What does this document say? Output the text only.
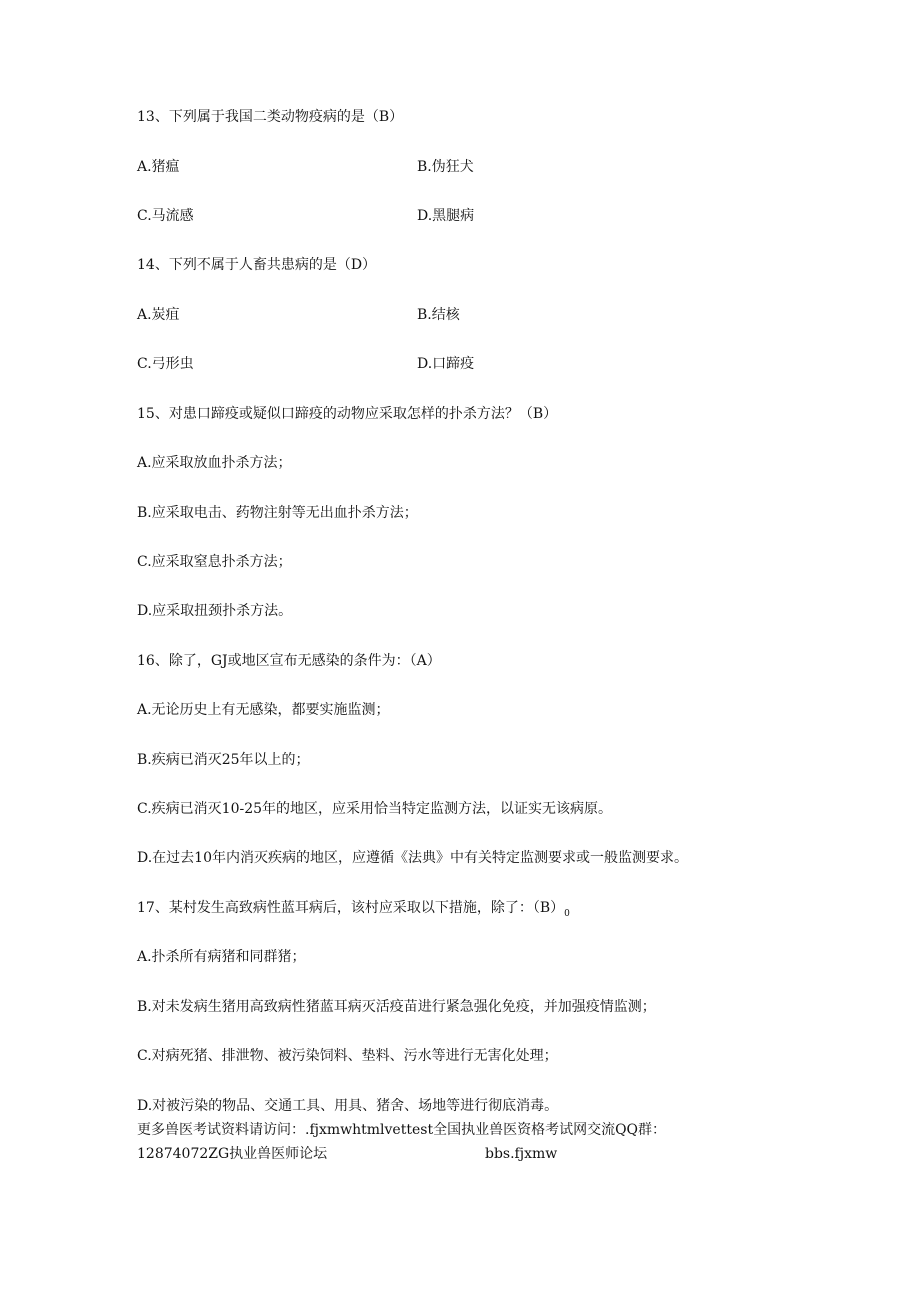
13、下列属于我国二类动物疫病的是（B）
A.猪瘟	B.伪狂犬
C.马流感	D.黑腿病
14、下列不属于人畜共患病的是（D）
A.炭疽	B.结核
C.弓形虫	D.口蹄疫
15、对患口蹄疫或疑似口蹄疫的动物应采取怎样的扑杀方法？（B）
A.应采取放血扑杀方法；
B.应采取电击、药物注射等无出血扑杀方法；
C.应采取窒息扑杀方法；
D.应采取扭颈扑杀方法。
16、除了，GJ或地区宣布无感染的条件为：（A）
A.无论历史上有无感染，都要实施监测；
B.疾病已消灭25年以上的；
C.疾病已消灭10-25年的地区，应采用恰当特定监测方法，以证实无该病原。
D.在过去10年内消灭疾病的地区，应遵循《法典》中有关特定监测要求或一般监测要求。
17、某村发生高致病性蓝耳病后，该村应采取以下措施，除了：$(B)_0$
A.扑杀所有病猪和同群猪；
B.对未发病生猪用高致病性猪蓝耳病灭活疫苗进行紧急强化免疫，并加强疫情监测；
C.对病死猪、排泄物、被污染饲料、垫料、污水等进行无害化处理；
D.对被污染的物品、交通工具、用具、猪舍、场地等进行彻底消毒。
更多兽医考试资料请访问：.fjxmwhtmlvettest全国执业兽医资格考试网交流QQ群：
12874072ZG执业兽医师论坛	bbs.fjxmw
